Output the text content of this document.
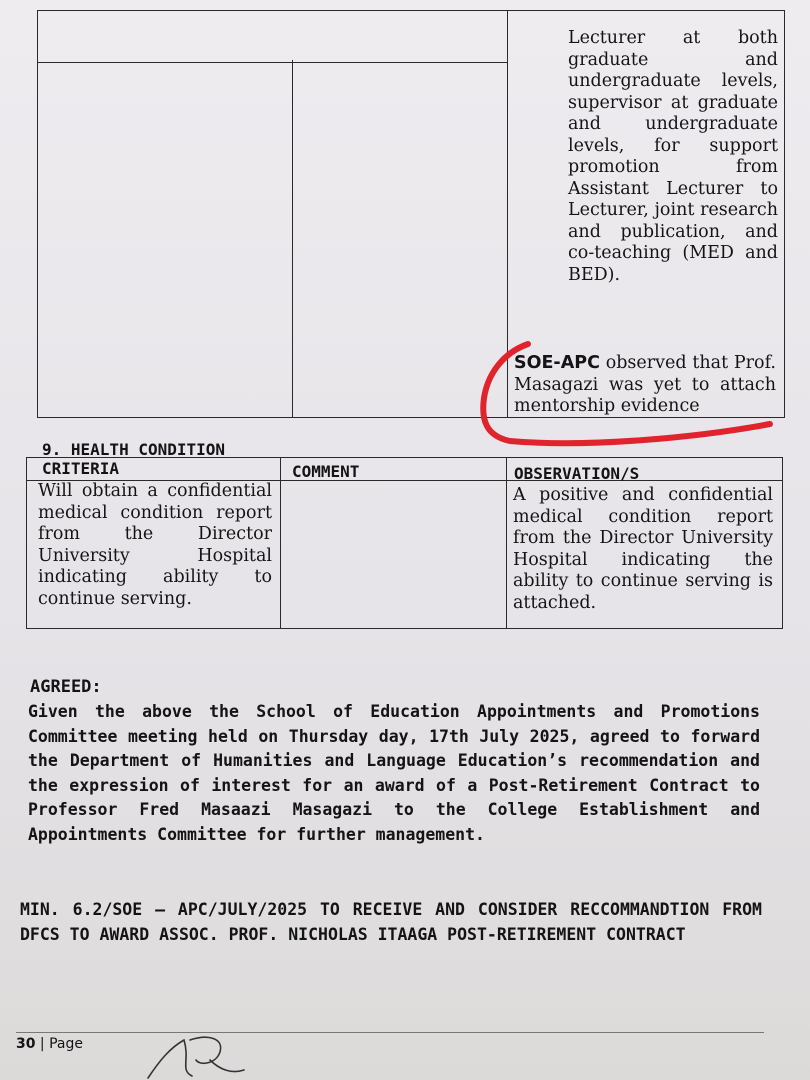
Lecturer at both graduate and undergraduate levels, supervisor at graduate and undergraduate levels, for support promotion from Assistant Lecturer to Lecturer, joint research and publication, and co-teaching (MED and BED).
SOE-APC observed that Prof. Masagazi was yet to attach mentorship evidence
9. HEALTH CONDITION
CRITERIA	COMMENT	OBSERVATION/S
Will obtain a confidential medical condition report from the Director University Hospital indicating ability to continue serving.
A positive and confidential medical condition report from the Director University Hospital indicating the ability to continue serving is attached.
AGREED:
Given the above the School of Education Appointments and Promotions Committee meeting held on Thursday day, 17th July 2025, agreed to forward the Department of Humanities and Language Education’s recommendation and the expression of interest for an award of a Post-Retirement Contract to Professor Fred Masaazi Masagazi to the College Establishment and Appointments Committee for further management.
MIN. 6.2/SOE – APC/JULY/2025 TO RECEIVE AND CONSIDER RECCOMMANDTION FROM DFCS TO AWARD ASSOC. PROF. NICHOLAS ITAAGA POST-RETIREMENT CONTRACT
30 | Page
